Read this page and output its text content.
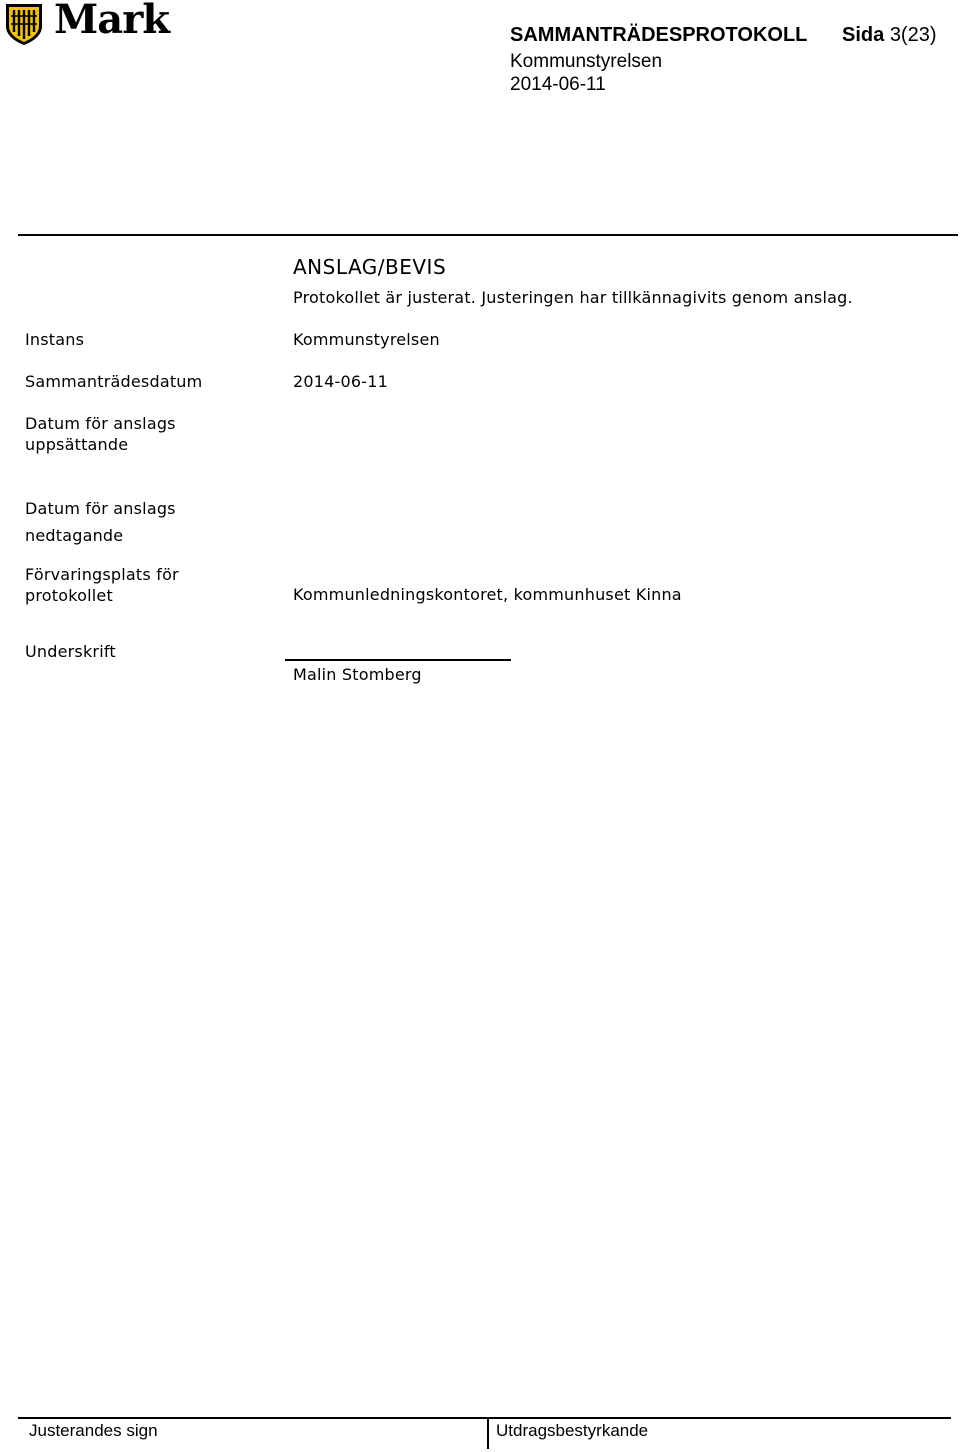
Mark	SAMMANTRÄDESPROTOKOLL Sida 3(23)
Kommunstyrelsen
2014-06-11
ANSLAG/BEVIS
Protokollet är justerat. Justeringen har tillkännagivits genom anslag.
Instans	Kommunstyrelsen
Sammanträdesdatum	2014-06-11
Datum för anslags uppsättande
Datum för anslags nedtagande
Förvaringsplats för protokollet	Kommunledningskontoret, kommunhuset Kinna
Underskrift
Malin Stomberg
Justerandes sign	Utdragsbestyrkande
